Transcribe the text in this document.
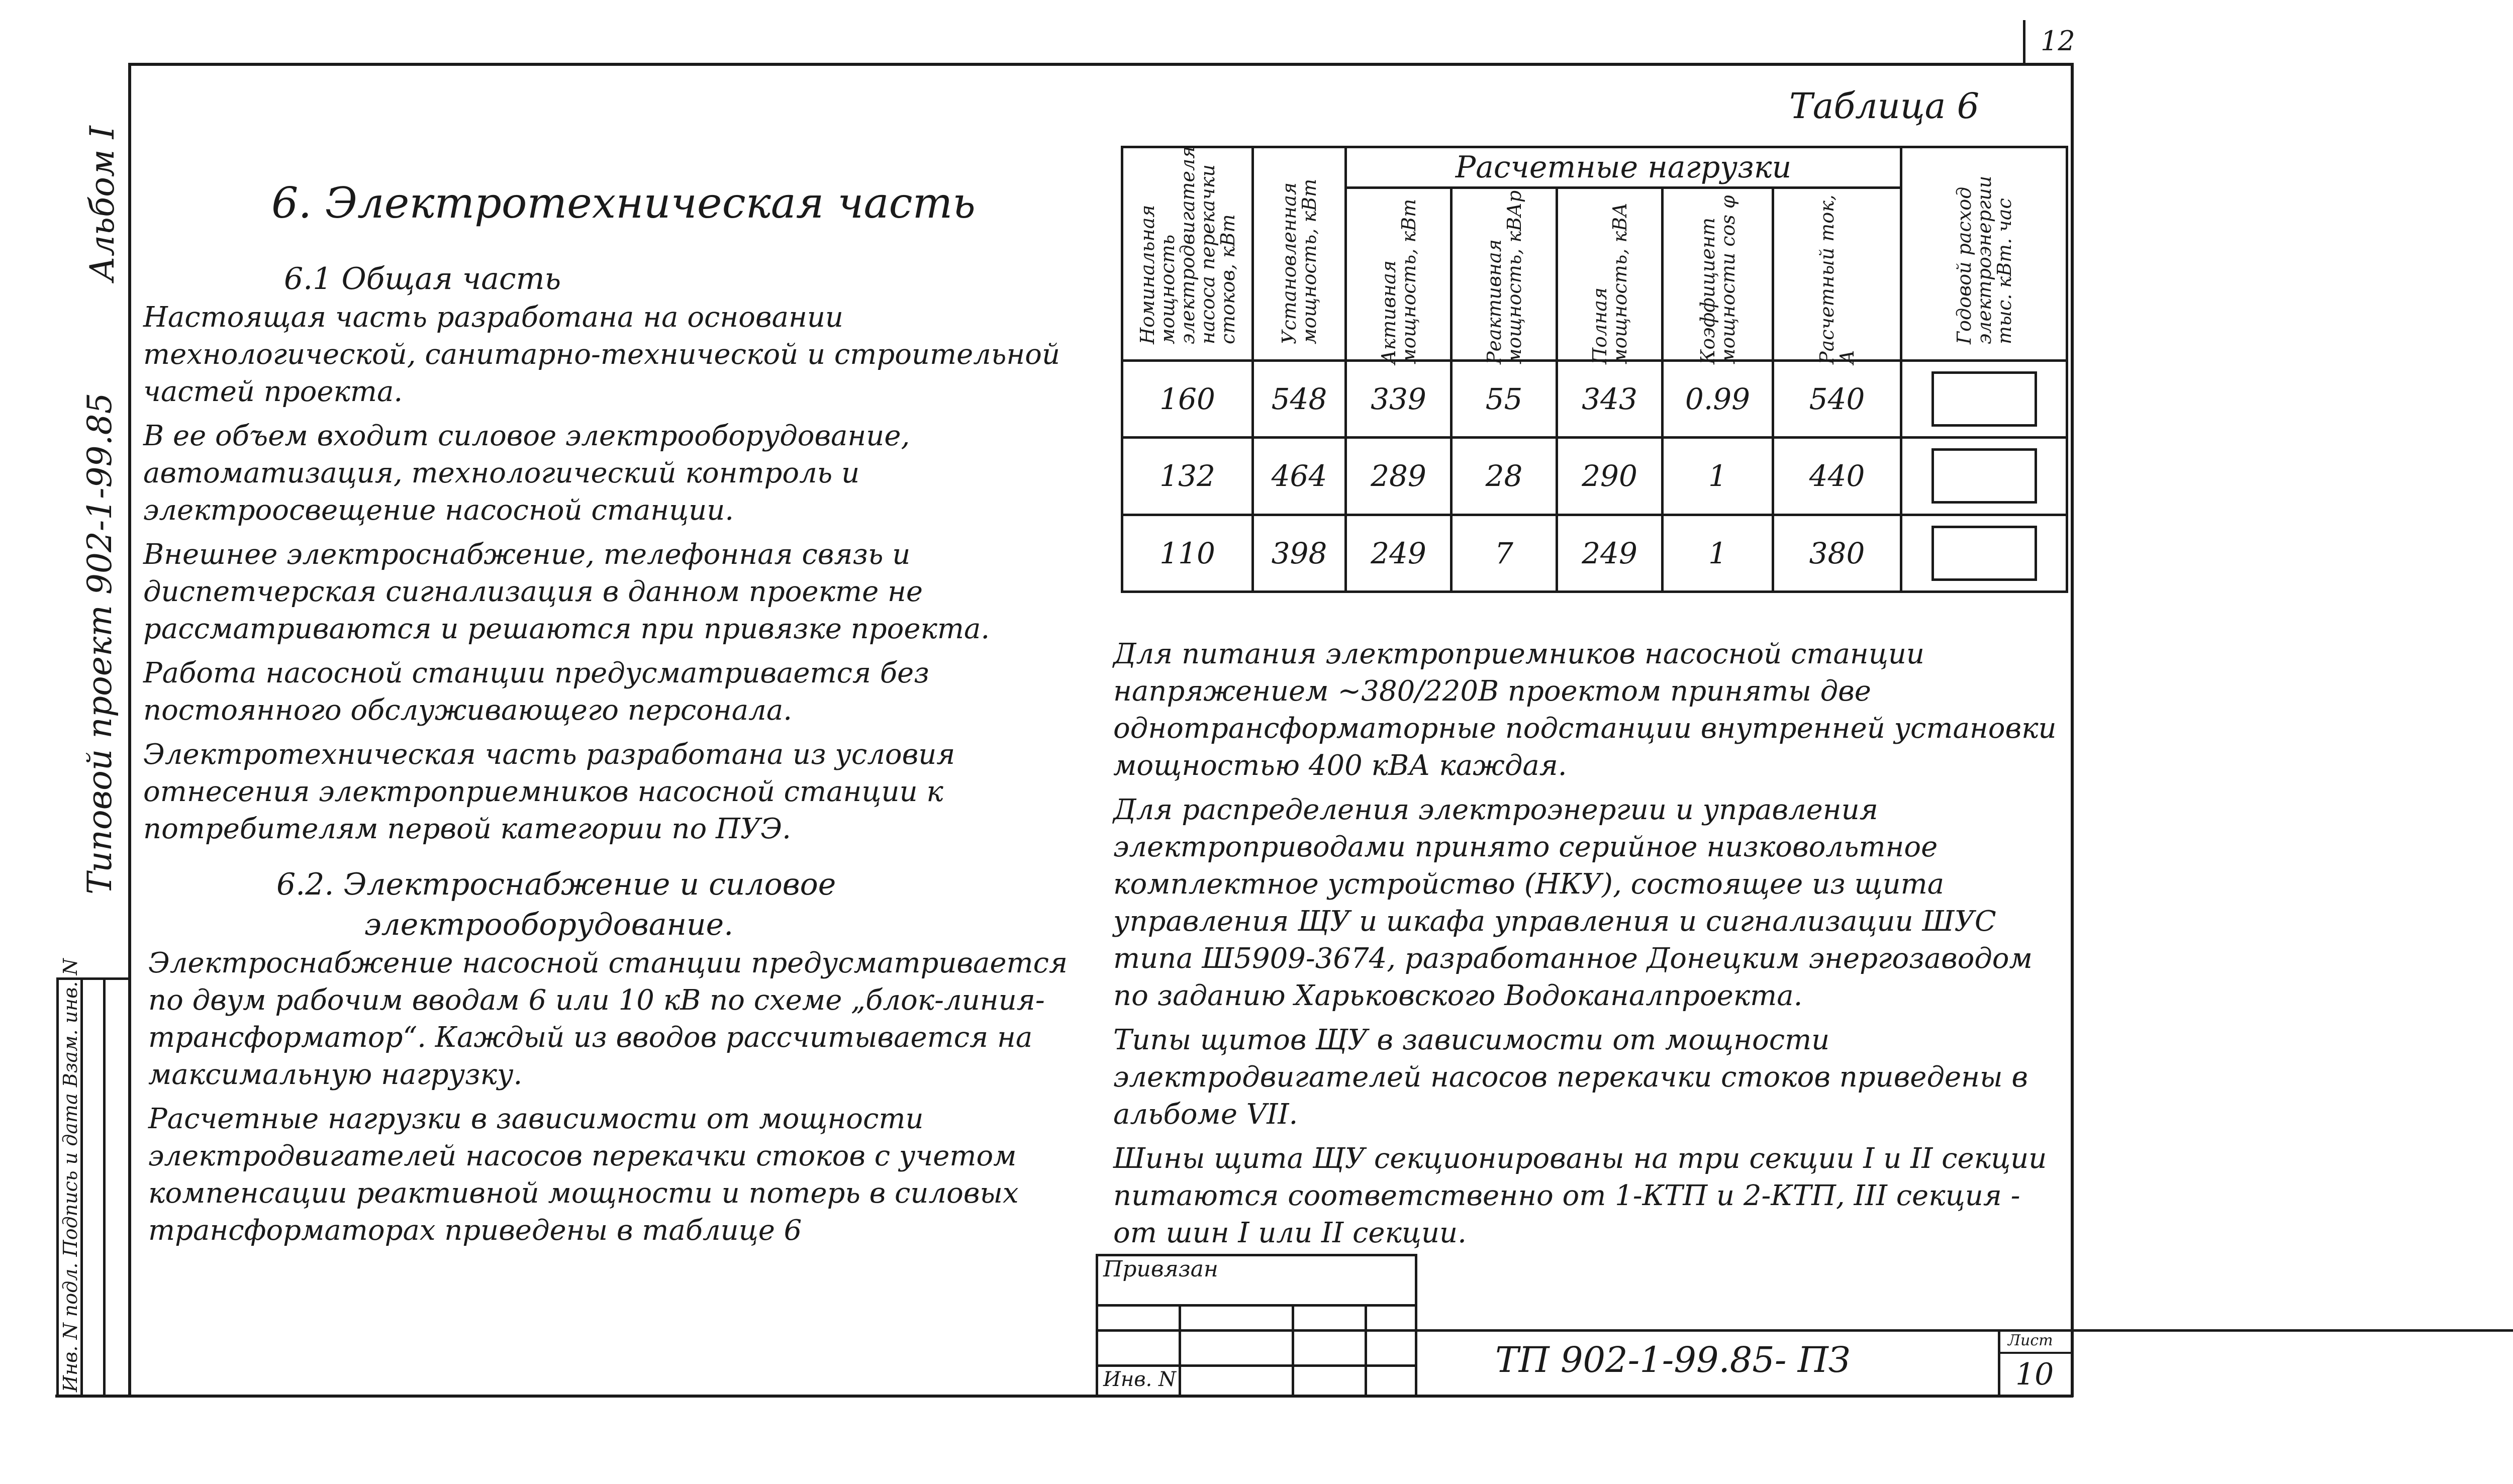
12
Альбом I
Типовой проект 902-1-99.85
Инв. N подл. Подпись и дата Взам. инв. N
Таблица 6
6. Электротехническая часть
6.1 Общая часть

Настоящая часть разработана на основании технологической, санитарно-технической и строительной частей проекта.

В ее объем входит силовое электрооборудование, автоматизация, технологический контроль и электроосвещение насосной станции.

Внешнее электроснабжение, телефонная связь и диспетчерская сигнализация в данном проекте не рассматриваются и решаются при привязке проекта.

Работа насосной станции предусматривается без постоянного обслуживающего персонала.

Электротехническая часть разработана из условия отнесения электроприемников насосной станции к потребителям первой категории по ПУЭ.

6.2. Электроснабжение и силовое
электрооборудование.

Электроснабжение насосной станции предусматривается по двум рабочим вводам 6 или 10 кВ по схеме „блок-линия-трансформатор“. Каждый из вводов рассчитывается на максимальную нагрузку.

Расчетные нагрузки в зависимости от мощности электродвигателей насосов перекачки стоков с учетом компенсации реактивной мощности и потерь в силовых трансформаторах приведены в таблице 6

Номинальная мощность электродвигателя насоса перекачки стоков, кВт	Установленная мощность, кВт	Расчетные нагрузки					Годовой расход электроэнергии тыс. кВт. час

		Активная мощность, кВт	Реактивная мощность, кВАр	Полная мощность, кВА	Коэффициент мощности cos φ	Расчетный ток, А	

160	548	339	55	343	0.99	540	

132	464	289	28	290	1	440	

110	398	249	7	249	1	380	

Для питания электроприемников насосной станции напряжением ~380/220В проектом приняты две однотрансформаторные подстанции внутренней установки мощностью 400 кВА каждая.

Для распределения электроэнергии и управления электроприводами принято серийное низковольтное комплектное устройство (НКУ), состоящее из щита управления ЩУ и шкафа управления и сигнализации ШУС типа Ш5909-3674, разработанное Донецким энергозаводом по заданию Харьковского Водоканалпроекта.

Типы щитов ЩУ в зависимости от мощности электродвигателей насосов перекачки стоков приведены в альбоме VII.

Шины щита ЩУ секционированы на три секции I и II секции питаются соответственно от 1-КТП и 2-КТП, III секция - от шин I или II секции.

Привязан
Инв. N	ТП 902-1-99.85- ПЗ	Лист
10
